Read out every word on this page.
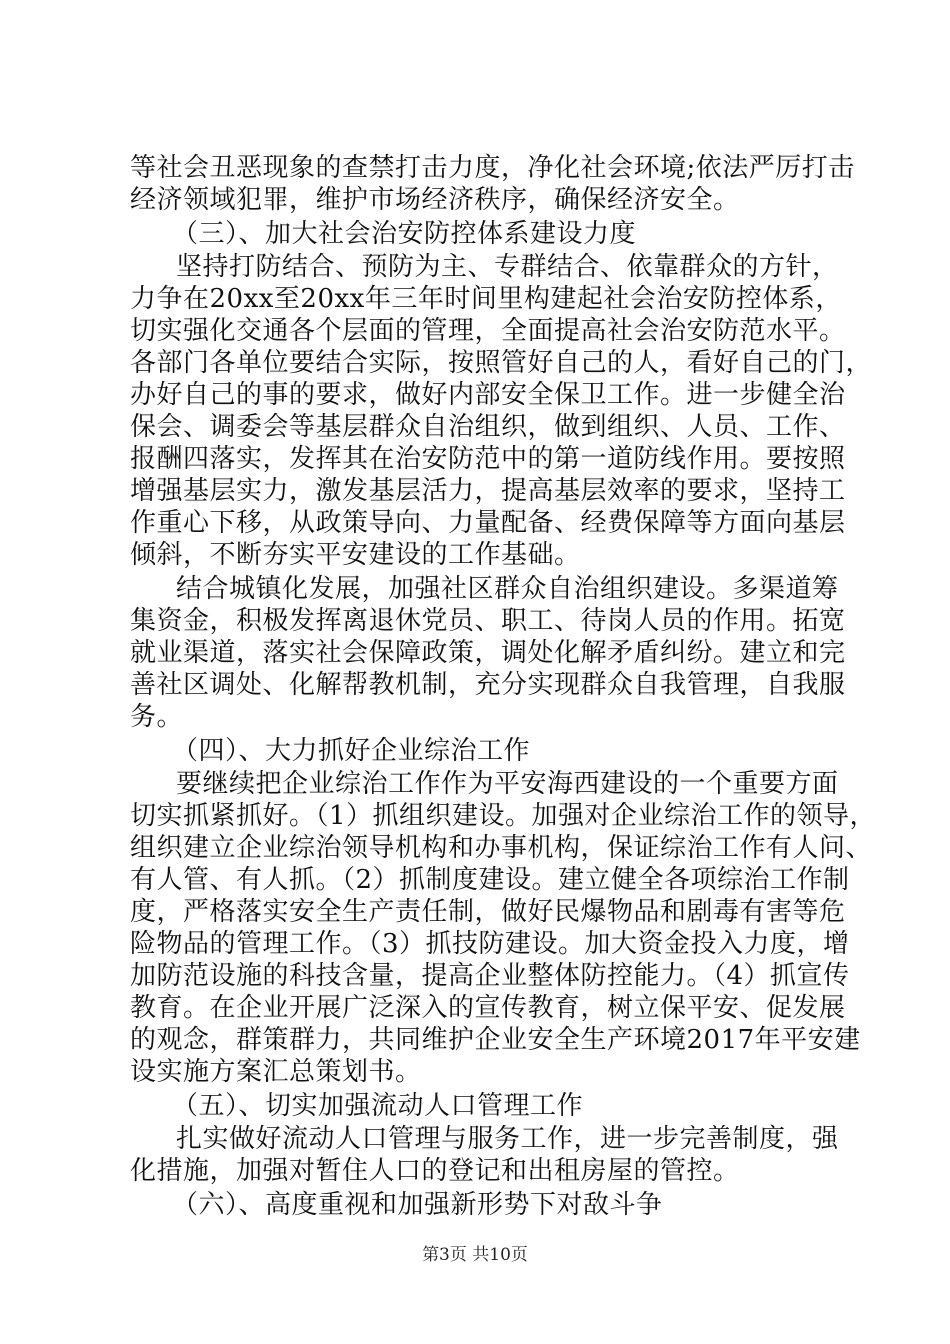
等社会丑恶现象的查禁打击力度，净化社会环境;依法严厉打击
经济领域犯罪，维护市场经济秩序，确保经济安全。
（三）、加大社会治安防控体系建设力度
坚持打防结合、预防为主、专群结合、依靠群众的方针，
力争在20xx至20xx年三年时间里构建起社会治安防控体系，
切实强化交通各个层面的管理，全面提高社会治安防范水平。
各部门各单位要结合实际，按照管好自己的人，看好自己的门，
办好自己的事的要求，做好内部安全保卫工作。进一步健全治
保会、调委会等基层群众自治组织，做到组织、人员、工作、
报酬四落实，发挥其在治安防范中的第一道防线作用。要按照
增强基层实力，激发基层活力，提高基层效率的要求，坚持工
作重心下移，从政策导向、力量配备、经费保障等方面向基层
倾斜，不断夯实平安建设的工作基础。
结合城镇化发展，加强社区群众自治组织建设。多渠道筹
集资金，积极发挥离退休党员、职工、待岗人员的作用。拓宽
就业渠道，落实社会保障政策，调处化解矛盾纠纷。建立和完
善社区调处、化解帮教机制，充分实现群众自我管理，自我服
务。
（四）、大力抓好企业综治工作
要继续把企业综治工作作为平安海西建设的一个重要方面
切实抓紧抓好。（1）抓组织建设。加强对企业综治工作的领导，
组织建立企业综治领导机构和办事机构，保证综治工作有人问、
有人管、有人抓。（2）抓制度建设。建立健全各项综治工作制
度，严格落实安全生产责任制，做好民爆物品和剧毒有害等危
险物品的管理工作。（3）抓技防建设。加大资金投入力度，增
加防范设施的科技含量，提高企业整体防控能力。（4）抓宣传
教育。在企业开展广泛深入的宣传教育，树立保平安、促发展
的观念，群策群力，共同维护企业安全生产环境2017年平安建
设实施方案汇总策划书。
（五）、切实加强流动人口管理工作
扎实做好流动人口管理与服务工作，进一步完善制度，强
化措施，加强对暂住人口的登记和出租房屋的管控。
（六）、高度重视和加强新形势下对敌斗争
第3页 共10页
